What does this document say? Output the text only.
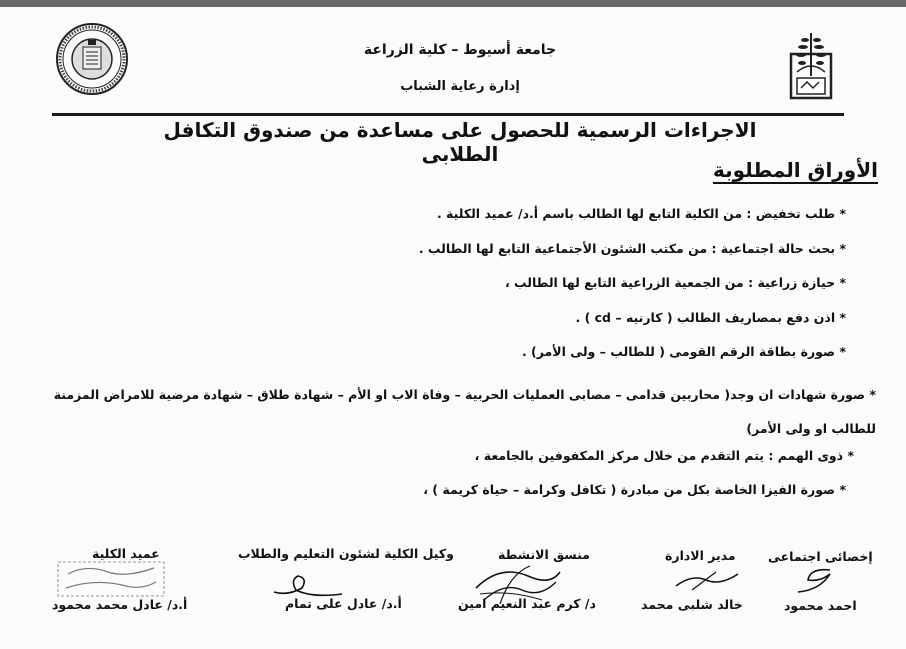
جامعة أسيوط – كلية الزراعة
إدارة رعاية الشباب
الاجراءات الرسمية للحصول على مساعدة من صندوق التكافل الطلابى
الأوراق المطلوبة
* طلب تخفيض : من الكلية التابع لها الطالب باسم أ.د/ عميد الكلية .
* بحث حالة اجتماعية : من مكتب الشئون الأجتماعية التابع لها الطالب .
* حيازة زراعية : من الجمعية الزراعية التابع لها الطالب ،
* اذن دفع بمصاريف الطالب ( كارنيه – cd ) .
* صورة بطاقة الرقم القومى ( للطالب – ولى الأمر) .
* صورة شهادات ان وجد( محاربين قدامى – مصابى العمليات الحربية – وفاة الاب او الأم – شهادة طلاق – شهادة مرضية للامراض المزمنة للطالب او ولى الأمر)
* ذوى الهمم : يتم التقدم من خلال مركز المكفوفين بالجامعة ،
* صورة الفيزا الخاصة بكل من مبادرة ( تكافل وكرامة – حياة كريمة ) ،
إخصائى اجتماعى
احمد محمود
مدير الادارة
خالد شلبى محمد
منسق الانشطة
د/ كرم عبد النعيم امين
وكيل الكلية لشئون التعليم والطلاب
أ.د/ عادل على تمام
عميد الكلية
أ.د/ عادل محمد محمود
